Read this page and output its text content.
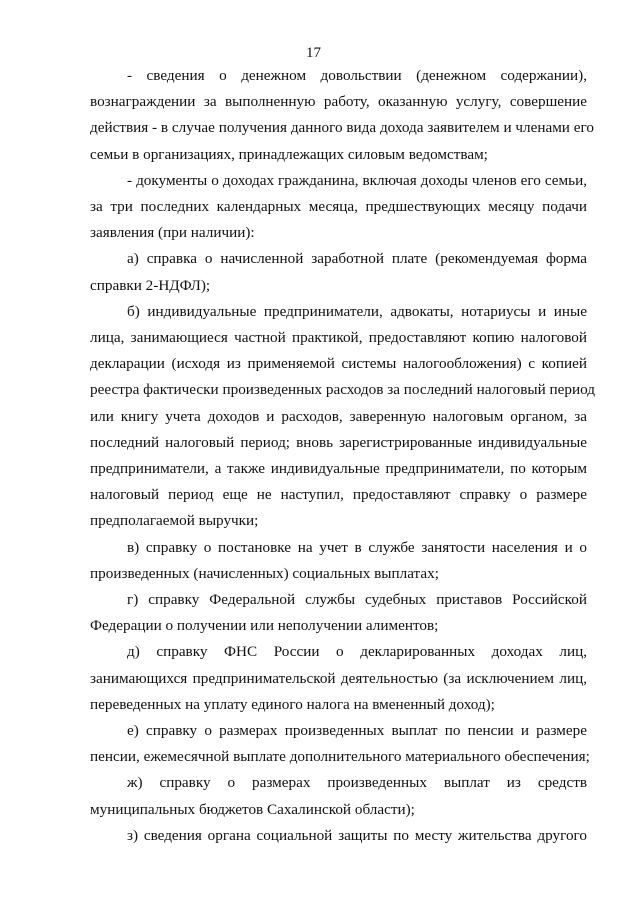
17
- сведения о денежном довольствии (денежном содержании),
вознаграждении за выполненную работу, оказанную услугу, совершение
действия - в случае получения данного вида дохода заявителем и членами его
семьи в организациях, принадлежащих силовым ведомствам;
- документы о доходах гражданина, включая доходы членов его семьи,
за три последних календарных месяца, предшествующих месяцу подачи
заявления (при наличии):
а) справка о начисленной заработной плате (рекомендуемая форма
справки 2-НДФЛ);
б) индивидуальные предприниматели, адвокаты, нотариусы и иные
лица, занимающиеся частной практикой, предоставляют копию налоговой
декларации (исходя из применяемой системы налогообложения) с копией
реестра фактически произведенных расходов за последний налоговый период
или книгу учета доходов и расходов, заверенную налоговым органом, за
последний налоговый период; вновь зарегистрированные индивидуальные
предприниматели, а также индивидуальные предприниматели, по которым
налоговый период еще не наступил, предоставляют справку о размере
предполагаемой выручки;
в) справку о постановке на учет в службе занятости населения и о
произведенных (начисленных) социальных выплатах;
г) справку Федеральной службы судебных приставов Российской
Федерации о получении или неполучении алиментов;
д) справку ФНС России о декларированных доходах лиц,
занимающихся предпринимательской деятельностью (за исключением лиц,
переведенных на уплату единого налога на вмененный доход);
е) справку о размерах произведенных выплат по пенсии и размере
пенсии, ежемесячной выплате дополнительного материального обеспечения;
ж) справку о размерах произведенных выплат из средств
муниципальных бюджетов Сахалинской области);
з) сведения органа социальной защиты по месту жительства другого
